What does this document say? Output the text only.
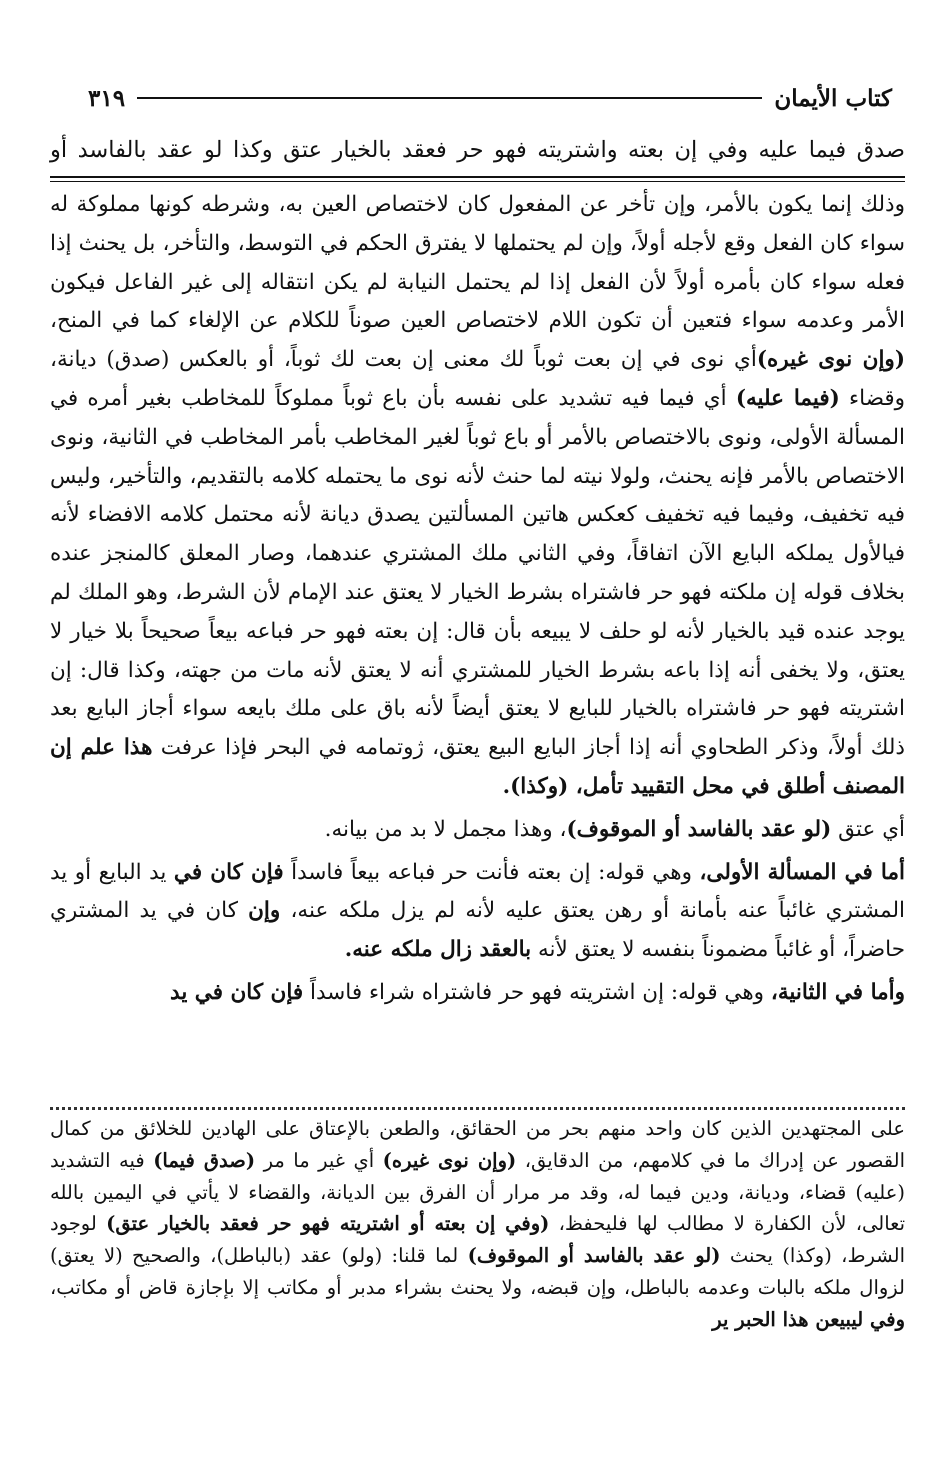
كتاب الأيمان
٣١٩
صدق فيما عليه وفي إن بعته واشتريته فهو حر فعقد بالخيار عتق وكذا لو عقد بالفاسد أو

وذلك إنما يكون بالأمر، وإن تأخر عن المفعول كان لاختصاص العين به، وشرطه كونها مملوكة له سواء كان الفعل وقع لأجله أولاً، وإن لم يحتملها لا يفترق الحكم في التوسط، والتأخر، بل يحنث إذا فعله سواء كان بأمره أولاً لأن الفعل إذا لم يحتمل النيابة لم يكن انتقاله إلى غير الفاعل فيكون الأمر وعدمه سواء فتعين أن تكون اللام لاختصاص العين صوناً للكلام عن الإلغاء كما في المنح، (وإن نوى غيره)أي نوى في إن بعت ثوباً لك معنى إن بعت لك ثوباً، أو بالعكس (صدق) ديانة، وقضاء (فيما عليه) أي فيما فيه تشديد على نفسه بأن باع ثوباً مملوكاً للمخاطب بغير أمره في المسألة الأولى، ونوى بالاختصاص بالأمر أو باع ثوباً لغير المخاطب بأمر المخاطب في الثانية، ونوى الاختصاص بالأمر فإنه يحنث، ولولا نيته لما حنث لأنه نوى ما يحتمله كلامه بالتقديم، والتأخير، وليس فيه تخفيف، وفيما فيه تخفيف كعكس هاتين المسألتين يصدق ديانة لأنه محتمل كلامه الافضاء لأنه فيالأول يملكه البايع الآن اتفاقاً، وفي الثاني ملك المشتري عندهما، وصار المعلق كالمنجز عنده بخلاف قوله إن ملكته فهو حر فاشتراه بشرط الخيار لا يعتق عند الإمام لأن الشرط، وهو الملك لم يوجد عنده قيد بالخيار لأنه لو حلف لا يبيعه بأن قال: إن بعته فهو حر فباعه بيعاً صحيحاً بلا خيار لا يعتق، ولا يخفى أنه إذا باعه بشرط الخيار للمشتري أنه لا يعتق لأنه مات من جهته، وكذا قال: إن اشتريته فهو حر فاشتراه بالخيار للبايع لا يعتق أيضاً لأنه باق على ملك بايعه سواء أجاز البايع بعد ذلك أولاً، وذكر الطحاوي أنه إذا أجاز البايع البيع يعتق، ژوتمامه في البحر فإذا عرفت هذا علم إن المصنف أطلق في محل التقييد تأمل، (وكذا).

أي عتق (لو عقد بالفاسد أو الموقوف)، وهذا مجمل لا بد من بيانه.

أما في المسألة الأولى، وهي قوله: إن بعته فأنت حر فباعه بيعاً فاسداً فإن كان في يد البايع أو يد المشتري غائباً عنه بأمانة أو رهن يعتق عليه لأنه لم يزل ملكه عنه، وإن كان في يد المشتري حاضراً، أو غائباً مضموناً بنفسه لا يعتق لأنه بالعقد زال ملكه عنه.

وأما في الثانية، وهي قوله: إن اشتريته فهو حر فاشتراه شراء فاسداً فإن كان في يد

على المجتهدين الذين كان واحد منهم بحر من الحقائق، والطعن بالإعتاق على الهادين للخلائق من كمال القصور عن إدراك ما في كلامهم، من الدقايق، (وإن نوى غيره) أي غير ما مر (صدق فيما) فيه التشديد (عليه) قضاء، وديانة، ودين فيما له، وقد مر مرار أن الفرق بين الديانة، والقضاء لا يأتي في اليمين بالله تعالى، لأن الكفارة لا مطالب لها فليحفظ، (وفي إن بعته أو اشتريته فهو حر فعقد بالخيار عتق) لوجود الشرط، (وكذا) يحنث (لو عقد بالفاسد أو الموقوف) لما قلنا: (ولو) عقد (بالباطل)، والصحيح (لا يعتق) لزوال ملكه بالبات وعدمه بالباطل، وإن قبضه، ولا يحنث بشراء مدبر أو مكاتب إلا بإجازة قاض أو مكاتب، وفي ليبيعن هذا الحبر ير
